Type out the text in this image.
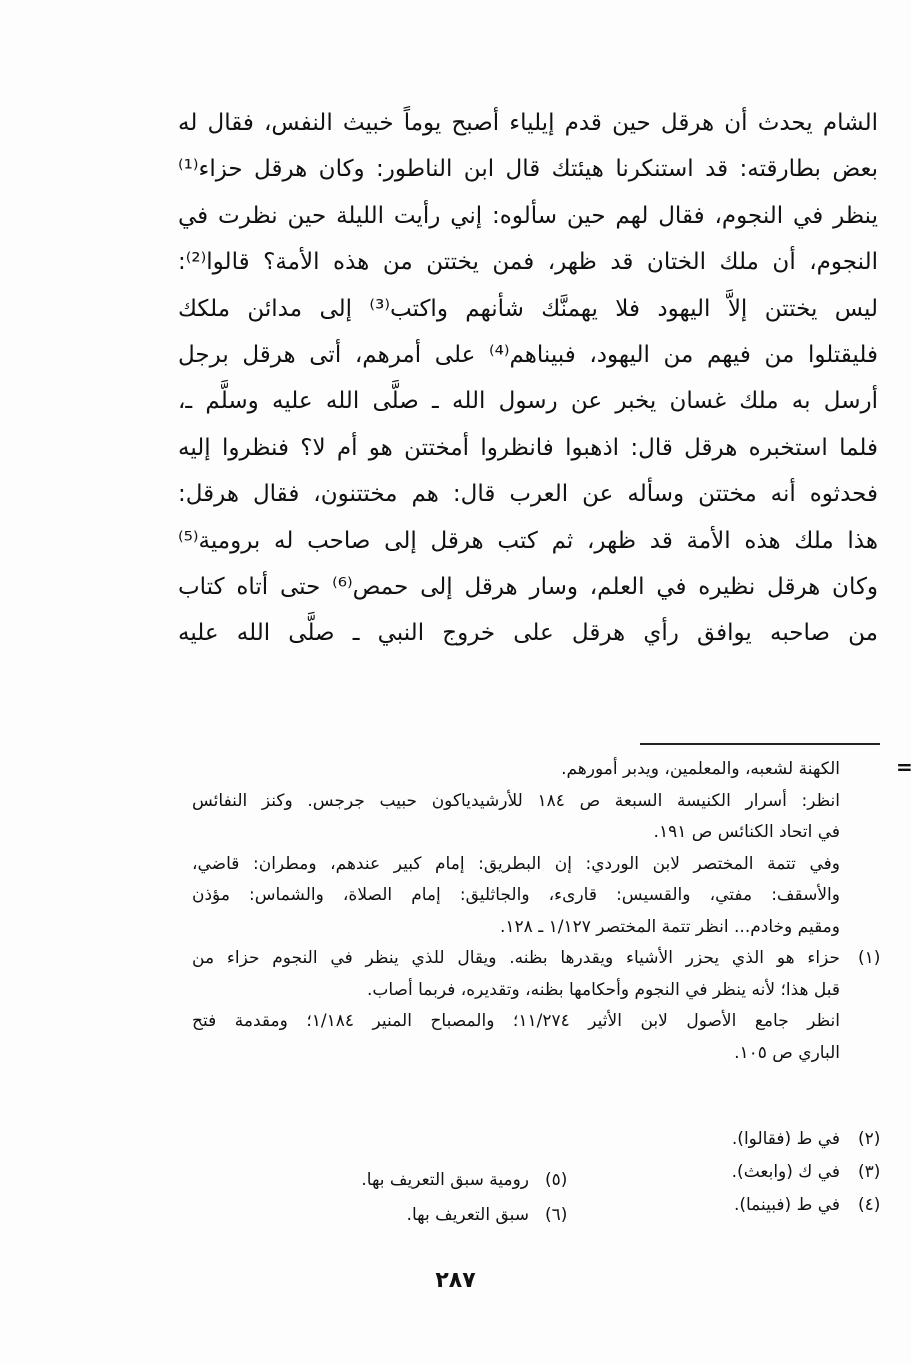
الشام يحدث أن هرقل حين قدم إيلياء أصبح يوماً خبيث النفس، فقال له
بعض بطارقته: قد استنكرنا هيئتك قال ابن الناطور: وكان هرقل حزاء⁽¹⁾
ينظر في النجوم، فقال لهم حين سألوه: إني رأيت الليلة حين نظرت في
النجوم، أن ملك الختان قد ظهر، فمن يختتن من هذه الأمة؟ قالوا⁽²⁾:
ليس يختتن إلاَّ اليهود فلا يهمنَّك شأنهم واكتب⁽³⁾ إلى مدائن ملكك
فليقتلوا من فيهم من اليهود، فبيناهم⁽⁴⁾ على أمرهم، أتى هرقل برجل
أرسل به ملك غسان يخبر عن رسول الله ـ صلَّى الله عليه وسلَّم ـ،
فلما استخبره هرقل قال: اذهبوا فانظروا أمختتن هو أم لا؟ فنظروا إليه
فحدثوه أنه مختتن وسأله عن العرب قال: هم مختتنون، فقال هرقل:
هذا ملك هذه الأمة قد ظهر، ثم كتب هرقل إلى صاحب له برومية⁽⁵⁾
وكان هرقل نظيره في العلم، وسار هرقل إلى حمص⁽⁶⁾ حتى أتاه كتاب
من صاحبه يوافق رأي هرقل على خروج النبي ـ صلَّى الله عليه
=
الكهنة لشعبه، والمعلمين، ويدبر أمورهم.
انظر: أسرار الكنيسة السبعة ص ١٨٤ للأرشيدياكون حبيب جرجس. وكنز النفائس
في اتحاد الكنائس ص ١٩١.
وفي تتمة المختصر لابن الوردي: إن البطريق: إمام كبير عندهم، ومطران: قاضي،
والأسقف: مفتي، والقسيس: قارىء، والجاثليق: إمام الصلاة، والشماس: مؤذن
ومقيم وخادم... انظر تتمة المختصر ١/١٢٧ ـ ١٢٨.
(١)
حزاء هو الذي يحزر الأشياء ويقدرها بظنه. ويقال للذي ينظر في النجوم حزاء من
قبل هذا؛ لأنه ينظر في النجوم وأحكامها بظنه، وتقديره، فربما أصاب.
انظر جامع الأصول لابن الأثير ١١/٢٧٤؛ والمصباح المنير ١/١٨٤؛ ومقدمة فتح
الباري ص ١٠٥.
(٢)
في ط (فقالوا).
(٣)
في ك (وابعث).
(٤)
في ط (فبينما).
(٥)
رومية سبق التعريف بها.
(٦)
سبق التعريف بها.
٢٨٧
